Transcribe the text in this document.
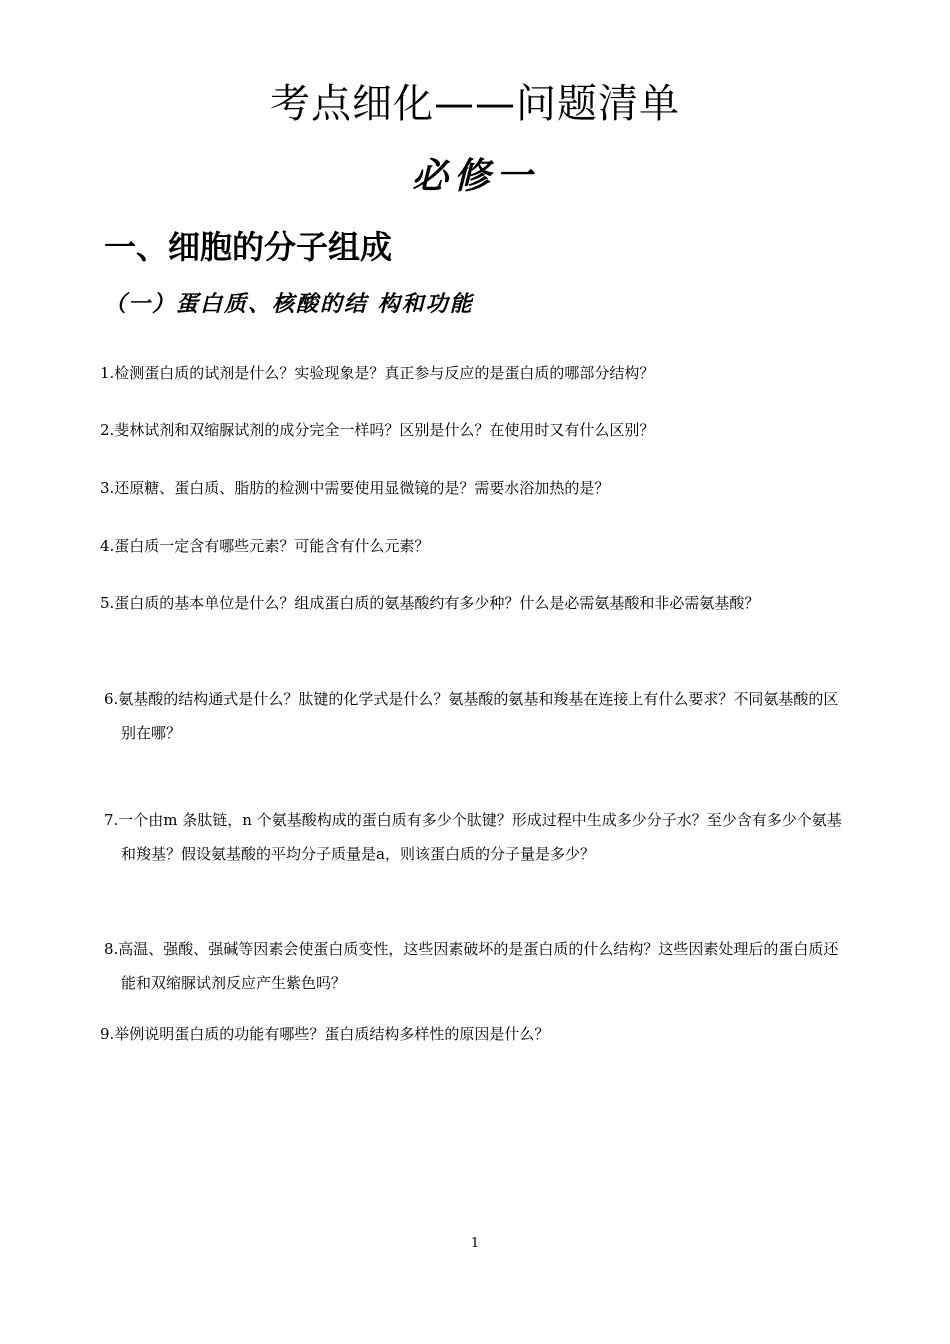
考点细化——问题清单
必修一
一、细胞的分子组成
（一）蛋白质、核酸的结 构和功能

1.检测蛋白质的试剂是什么？实验现象是？真正参与反应的是蛋白质的哪部分结构？

2.斐林试剂和双缩脲试剂的成分完全一样吗？区别是什么？在使用时又有什么区别？

3.还原糖、蛋白质、脂肪的检测中需要使用显微镜的是？需要水浴加热的是？

4.蛋白质一定含有哪些元素？可能含有什么元素？

5.蛋白质的基本单位是什么？组成蛋白质的氨基酸约有多少种？什么是必需氨基酸和非必需氨基酸？

6.氨基酸的结构通式是什么？肽键的化学式是什么？氨基酸的氨基和羧基在连接上有什么要求？不同氨基酸的区别在哪？

7.一个由m 条肽链，n 个氨基酸构成的蛋白质有多少个肽键？形成过程中生成多少分子水？至少含有多少个氨基和羧基？假设氨基酸的平均分子质量是a，则该蛋白质的分子量是多少？

8.高温、强酸、强碱等因素会使蛋白质变性，这些因素破坏的是蛋白质的什么结构？这些因素处理后的蛋白质还能和双缩脲试剂反应产生紫色吗？

9.举例说明蛋白质的功能有哪些？蛋白质结构多样性的原因是什么？

1
